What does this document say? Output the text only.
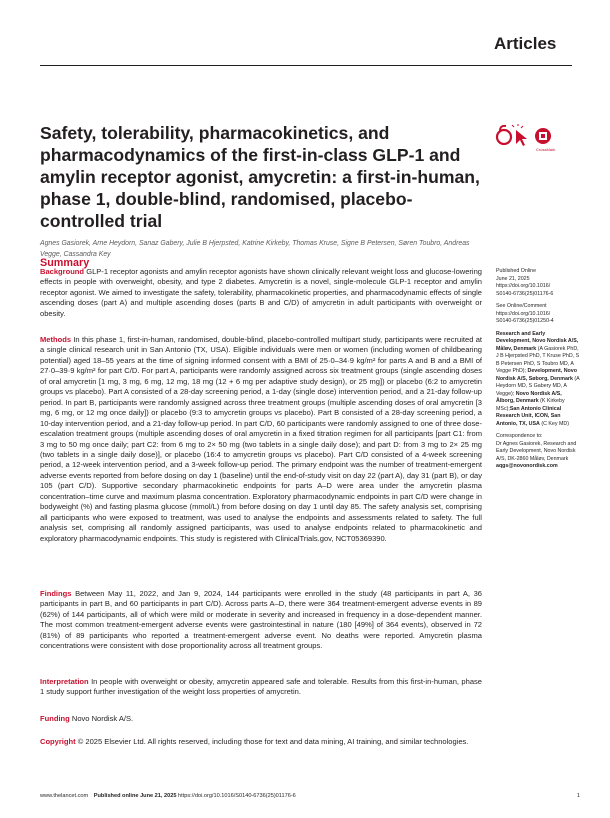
Articles
Safety, tolerability, pharmacokinetics, and pharmacodynamics of the first-in-class GLP-1 and amylin receptor agonist, amycretin: a first-in-human, phase 1, double-blind, randomised, placebo-controlled trial
CrossMark

Agnes Gasiorek, Arne Heydorn, Sanaz Gabery, Julie B Hjerpsted, Katrine Kirkeby, Thomas Kruse, Signe B Petersen, Søren Toubro, Andreas Vegge, Cassandra Key

Summary

Background GLP-1 receptor agonists and amylin receptor agonists have shown clinically relevant weight loss and glucose-lowering effects in people with overweight, obesity, and type 2 diabetes. Amycretin is a novel, single-molecule GLP-1 receptor and amylin receptor agonist. We aimed to investigate the safety, tolerability, pharmacokinetic properties, and pharmacodynamic effects of single ascending doses (part A) and multiple ascending doses (parts B and C/D) of amycretin in adult participants with overweight or obesity.

Methods In this phase 1, first-in-human, randomised, double-blind, placebo-controlled multipart study, participants were recruited at a single clinical research unit in San Antonio (TX, USA). Eligible individuals were men or women (including women of childbearing potential) aged 18–55 years at the time of signing informed consent with a BMI of 25·0–34·9 kg/m² for parts A and B and a BMI of 27·0–39·9 kg/m² for part C/D. For part A, participants were randomly assigned across six treatment groups (single ascending doses of oral amycretin [1 mg, 3 mg, 6 mg, 12 mg, 18 mg (12 + 6 mg per adaptive study design), or 25 mg]) or placebo (6:2 to amycretin groups vs placebo). Part A consisted of a 28-day screening period, a 1-day (single dose) intervention period, and a 21-day follow-up period. In part B, participants were randomly assigned across three treatment groups (multiple ascending doses of oral amycretin [3 mg, 6 mg, or 12 mg once daily]) or placebo (9:3 to amycretin groups vs placebo). Part B consisted of a 28-day screening period, a 10-day intervention period, and a 21-day follow-up period. In part C/D, 60 participants were randomly assigned to one of three dose-escalation treatment groups (multiple ascending doses of oral amycretin in a fixed titration regimen for all participants [part C1: from 3 mg to 50 mg once daily; part C2: from 6 mg to 2× 50 mg (two tablets in a single daily dose); and part D: from 3 mg to 2× 25 mg (two tablets in a single daily dose)], or placebo (16:4 to amycretin groups vs placebo). Part C/D consisted of a 4-week screening period, a 12-week intervention period, and a 3-week follow-up period. The primary endpoint was the number of treatment-emergent adverse events reported from before dosing on day 1 (baseline) until the end-of-study visit on day 22 (part A), day 31 (part B), or day 105 (part C/D). Supportive secondary pharmacokinetic endpoints for parts A–D were area under the amycretin plasma concentration–time curve and maximum plasma concentration. Exploratory pharmacodynamic endpoints in part C/D were change in bodyweight (%) and fasting plasma glucose (mmol/L) from before dosing on day 1 until day 85. The safety analysis set, comprising all participants who were exposed to treatment, was used to analyse the endpoints and assessments related to safety. The full analysis set, comprising all randomly assigned participants, was used to analyse endpoints related to pharmacokinetic and exploratory pharmacodynamic endpoints. This study is registered with ClinicalTrials.gov, NCT05369390.

Findings Between May 11, 2022, and Jan 9, 2024, 144 participants were enrolled in the study (48 participants in part A, 36 participants in part B, and 60 participants in part C/D). Across parts A–D, there were 364 treatment-emergent adverse events in 89 (62%) of 144 participants, all of which were mild or moderate in severity and increased in frequency in a dose-dependent manner. The most common treatment-emergent adverse events were gastrointestinal in nature (180 [49%] of 364 events), observed in 72 (81%) of 89 participants who reported a treatment-emergent adverse event. No deaths were reported. Amycretin plasma concentrations were consistent with dose proportionality across all treatment groups.

Interpretation In people with overweight or obesity, amycretin appeared safe and tolerable. Results from this first-in-human, phase 1 study support further investigation of the weight loss properties of amycretin.

Funding Novo Nordisk A/S.

Copyright © 2025 Elsevier Ltd. All rights reserved, including those for text and data mining, AI training, and similar technologies.

Published Online
June 21, 2025
https://doi.org/10.1016/
S0140-6736(25)01176-6
See Online/Comment
https://doi.org/10.1016/
S0140-6736(25)01250-4
Research and Early Development, Novo Nordisk A/S, Måløv, Denmark (A Gasiorek PhD, J B Hjerpsted PhD, T Kruse PhD, S B Petersen PhD, S Toubro MD, A Vegge PhD); Development, Novo Nordisk A/S, Søborg, Denmark (A Heydorn MD, S Gabery MD, A Vegge); Novo Nordisk A/S, Ålborg, Denmark (K Kirkeby MSc);San Antonio Clinical Research Unit, ICON, San Antonio, TX, USA (C Key MD)
Correspondence to:
Dr Agnes Gasiorek, Research and Early Development, Novo Nordisk A/S, DK-2860 Måløv, Denmark
aqgs@novonordisk.com
www.thelancet.com Published online June 21, 2025 https://doi.org/10.1016/S0140-6736(25)01176-6	1
